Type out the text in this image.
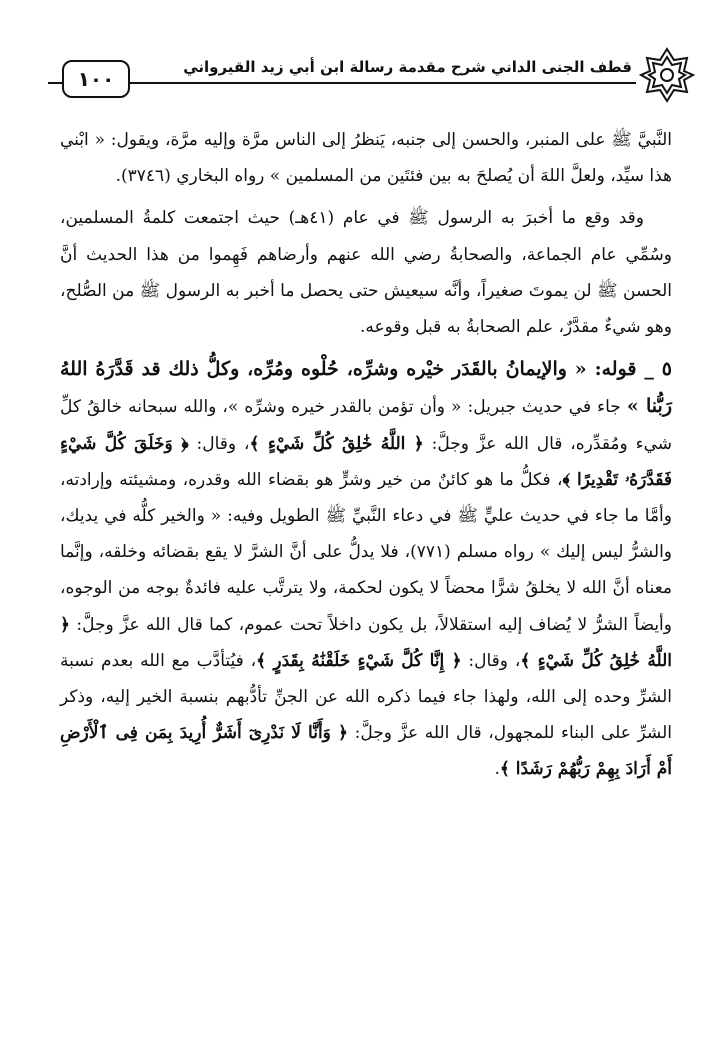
قطف الجنى الداني شرح مقدمة رسالة ابن أبي زيد القيرواني
١٠٠

النَّبيَّ ﷺ على المنبر، والحسن إلى جنبه، يَنظرُ إلى الناس مرَّة وإليه مرَّة، ويقول: « ابْني هذا سيِّد، ولعلَّ اللهَ أن يُصلحَ به بين فئتَين من المسلمين » رواه البخاري (٣٧٤٦).

وقد وقع ما أخبرَ به الرسول ﷺ في عام (٤١هـ) حيث اجتمعت كلمةُ المسلمين، وسُمِّي عام الجماعة، والصحابةُ رضي الله عنهم وأرضاهم فَهِموا من هذا الحديث أنَّ الحسن ﷺ لن يموتَ صغيراً، وأنَّه سيعيش حتى يحصل ما أخبر به الرسول ﷺ من الصُّلح، وهو شيءٌ مقدَّرٌ، علم الصحابةُ به قبل وقوعه.

٥ _ قوله: « والإيمانُ بالقَدَر خيْره وشرِّه، حُلْوه ومُرِّه، وكلُّ ذلك قد قَدَّرَهُ اللهُ رَبُّنا » جاء في حديث جبريل: « وأن تؤمن بالقدر خيره وشرِّه »، والله سبحانه خالقُ كلِّ شيء ومُقدِّره، قال الله عزَّ وجلَّ: ﴿ اللَّهُ خَٰلِقُ كُلِّ شَيْءٍ ﴾، وقال: ﴿ وَخَلَقَ كُلَّ شَيْءٍ فَقَدَّرَهُۥ تَقْدِيرًا ﴾، فكلُّ ما هو كائنٌ من خير وشرٍّ هو بقضاء الله وقدره، ومشيئته وإرادته، وأمَّا ما جاء في حديث عليٍّ ﷺ في دعاء النَّبيِّ ﷺ الطويل وفيه: « والخير كلُّه في يديك، والشرُّ ليس إليك » رواه مسلم (٧٧١)، فلا يدلُّ على أنَّ الشرَّ لا يقع بقضائه وخلقه، وإنَّما معناه أنَّ الله لا يخلقُ شرًّا محضاً لا يكون لحكمة، ولا يترتَّب عليه فائدةٌ بوجه من الوجوه، وأيضاً الشرُّ لا يُضاف إليه استقلالاً، بل يكون داخلاً تحت عموم، كما قال الله عزَّ وجلَّ: ﴿ اللَّهُ خَٰلِقُ كُلِّ شَيْءٍ ﴾، وقال: ﴿ إِنَّا كُلَّ شَيْءٍ خَلَقْنَٰهُ بِقَدَرٍ ﴾، فيُتأدَّب مع الله بعدم نسبة الشرِّ وحده إلى الله، ولهذا جاء فيما ذكره الله عن الجنِّ تأدُّبهم بنسبة الخير إليه، وذكر الشرِّ على البناء للمجهول، قال الله عزَّ وجلَّ: ﴿ وَأَنَّا لَا نَدْرِىٓ أَشَرٌّ أُرِيدَ بِمَن فِى ٱلْأَرْضِ أَمْ أَرَادَ بِهِمْ رَبُّهُمْ رَشَدًا ﴾.
